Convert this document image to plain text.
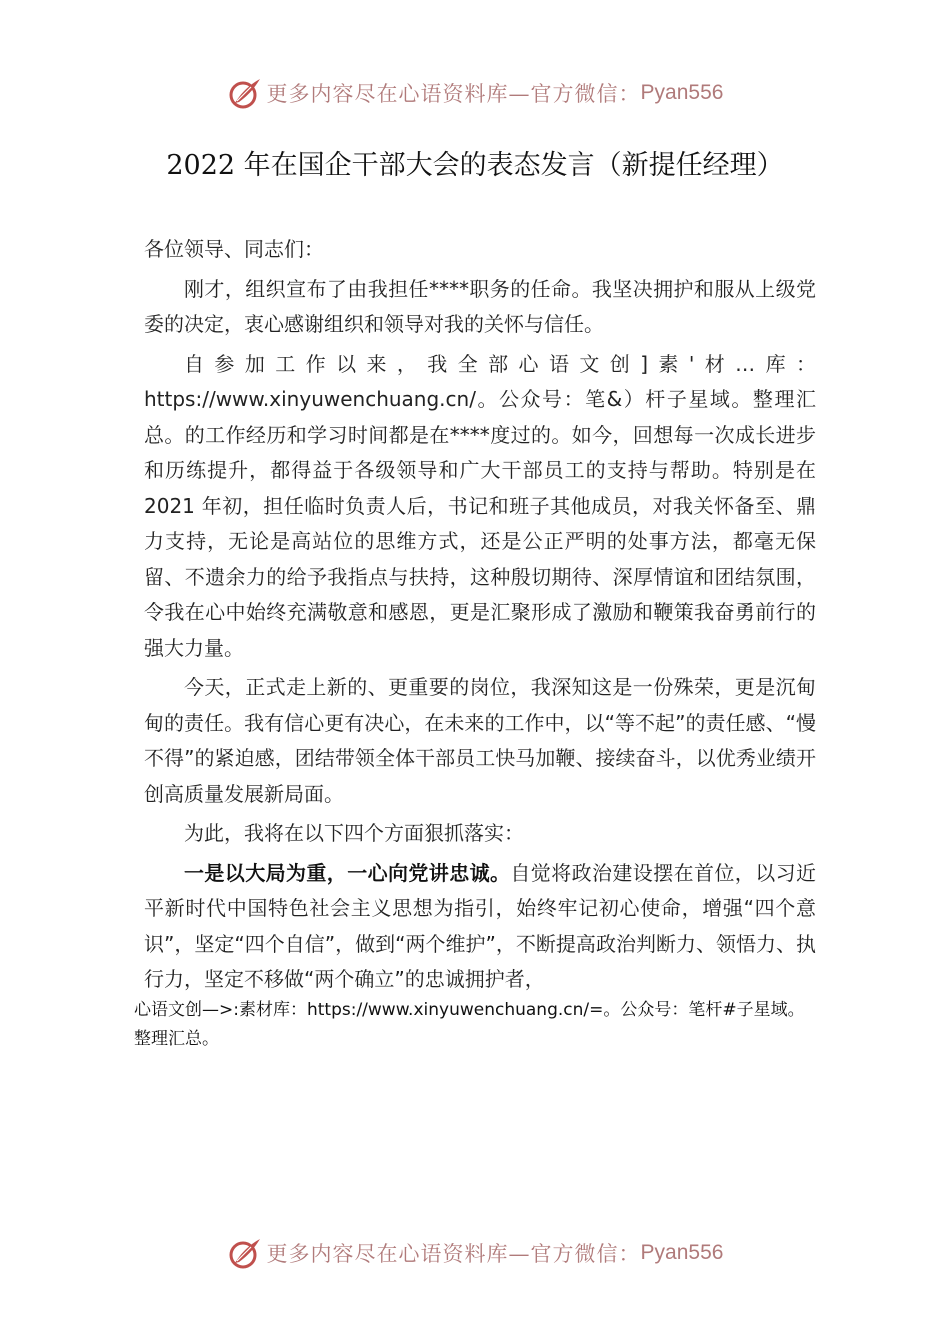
更多内容尽在心语资料库—官方微信： Pyan556
2022 年在国企干部大会的表态发言（新提任经理）

各位领导、同志们：

刚才，组织宣布了由我担任****职务的任命。我坚决拥护和服从上级党委的决定，衷心感谢组织和领导对我的关怀与信任。

自参加工作以来，我全部心语文创]素'材…库：https://www.xinyuwenchuang.cn/。公众号：笔&）杆子星域。整理汇总。的工作经历和学习时间都是在****度过的。如今，回想每一次成长进步和历练提升，都得益于各级领导和广大干部员工的支持与帮助。特别是在 2021 年初，担任临时负责人后，书记和班子其他成员，对我关怀备至、鼎力支持，无论是高站位的思维方式，还是公正严明的处事方法，都毫无保留、不遗余力的给予我指点与扶持，这种殷切期待、深厚情谊和团结氛围，令我在心中始终充满敬意和感恩，更是汇聚形成了激励和鞭策我奋勇前行的强大力量。

今天，正式走上新的、更重要的岗位，我深知这是一份殊荣，更是沉甸甸的责任。我有信心更有决心，在未来的工作中，以“等不起”的责任感、“慢不得”的紧迫感，团结带领全体干部员工快马加鞭、接续奋斗，以优秀业绩开创高质量发展新局面。

为此，我将在以下四个方面狠抓落实：

一是以大局为重，一心向党讲忠诚。自觉将政治建设摆在首位，以习近平新时代中国特色社会主义思想为指引，始终牢记初心使命，增强“四个意识”，坚定“四个自信”，做到“两个维护”，不断提高政治判断力、领悟力、执行力，坚定不移做“两个确立”的忠诚拥护者，

心语文创—>:素材库：https://www.xinyuwenchuang.cn/=。公众号：笔杆#子星域。

整理汇总。

更多内容尽在心语资料库—官方微信： Pyan556
